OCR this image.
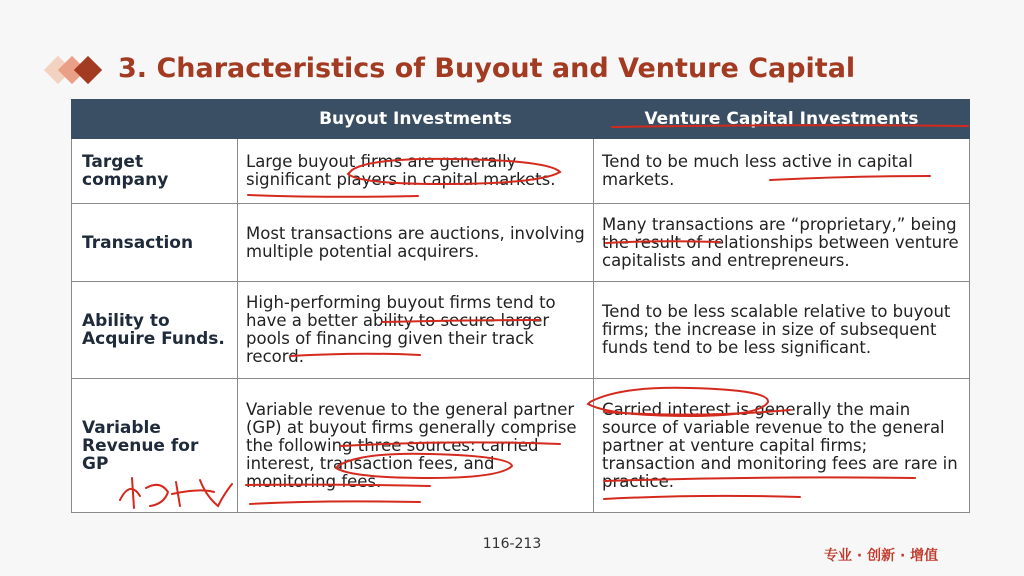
3. Characteristics of Buyout and Venture Capital
	Buyout Investments	Venture Capital Investments
Target company	Large buyout firms are generally significant players in capital markets.	Tend to be much less active in capital markets.
Transaction	Most transactions are auctions, involving multiple potential acquirers.	Many transactions are “proprietary,” being the result of relationships between venture capitalists and entrepreneurs.
Ability to Acquire Funds.	High-performing buyout firms tend to have a better ability to secure larger pools of financing given their track record.	Tend to be less scalable relative to buyout firms; the increase in size of subsequent funds tend to be less significant.
Variable Revenue for GP	Variable revenue to the general partner (GP) at buyout firms generally comprise the following three sources: carried interest, transaction fees, and monitoring fees.	Carried interest is generally the main source of variable revenue to the general partner at venture capital firms; transaction and monitoring fees are rare in practice.
116-213
专业 · 创新 · 增值
